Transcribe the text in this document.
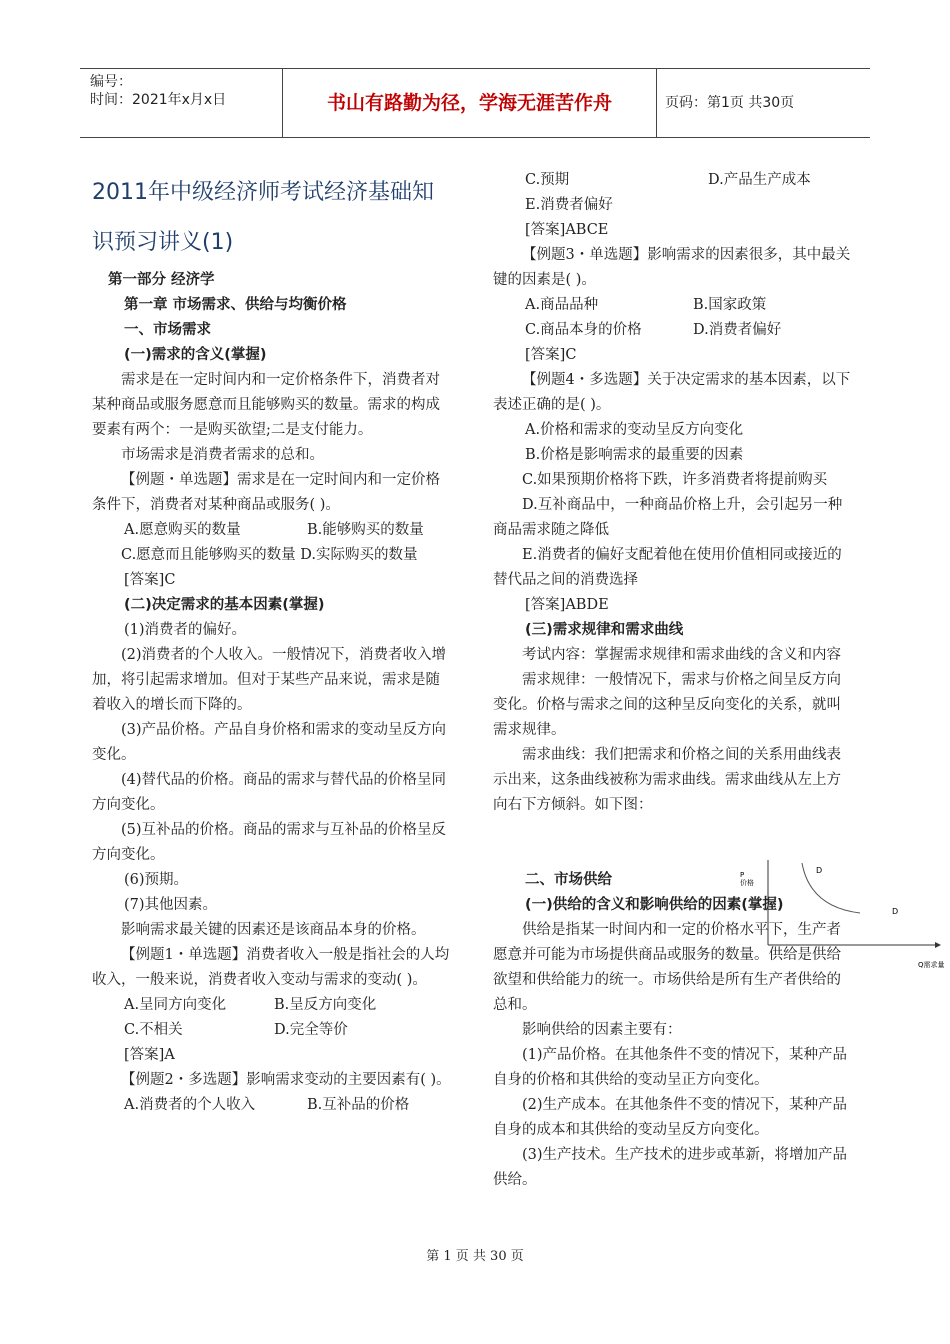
编号：
时间：2021年x月x日	书山有路勤为径，学海无涯苦作舟	页码：第1页 共30页

2011年中级经济师考试经济基础知识预习讲义(1)

第一部分 经济学

第一章 市场需求、供给与均衡价格

一、市场需求

(一)需求的含义(掌握)

需求是在一定时间内和一定价格条件下，消费者对某种商品或服务愿意而且能够购买的数量。需求的构成要素有两个：一是购买欲望;二是支付能力。

市场需求是消费者需求的总和。

【例题・单选题】需求是在一定时间内和一定价格条件下，消费者对某种商品或服务( )。

A.愿意购买的数量	B.能够购买的数量

C.愿意而且能够购买的数量 D.实际购买的数量

[答案]C

(二)决定需求的基本因素(掌握)

(1)消费者的偏好。

(2)消费者的个人收入。一般情况下，消费者收入增加，将引起需求增加。但对于某些产品来说，需求是随着收入的增长而下降的。

(3)产品价格。产品自身价格和需求的变动呈反方向变化。

(4)替代品的价格。商品的需求与替代品的价格呈同方向变化。

(5)互补品的价格。商品的需求与互补品的价格呈反方向变化。

(6)预期。

(7)其他因素。

影响需求最关键的因素还是该商品本身的价格。

【例题1・单选题】消费者收入一般是指社会的人均收入，一般来说，消费者收入变动与需求的变动( )。

A.呈同方向变化	B.呈反方向变化
C.不相关	D.完全等价

[答案]A

【例题2・多选题】影响需求变动的主要因素有( )。

A.消费者的个人收入	B.互补品的价格
C.预期	D.产品生产成本

E.消费者偏好

[答案]ABCE

【例题3・单选题】影响需求的因素很多，其中最关键的因素是( )。

A.商品品种	B.国家政策
C.商品本身的价格	D.消费者偏好

[答案]C

【例题4・多选题】关于决定需求的基本因素，以下表述正确的是( )。

A.价格和需求的变动呈反方向变化

B.价格是影响需求的最重要的因素

C.如果预期价格将下跌，许多消费者将提前购买

D.互补商品中，一种商品价格上升，会引起另一种商品需求随之降低

E.消费者的偏好支配着他在使用价值相同或接近的替代品之间的消费选择

[答案]ABDE

(三)需求规律和需求曲线

考试内容：掌握需求规律和需求曲线的含义和内容

需求规律：一般情况下，需求与价格之间呈反方向变化。价格与需求之间的这种呈反向变化的关系，就叫需求规律。

需求曲线：我们把需求和价格之间的关系用曲线表示出来，这条曲线被称为需求曲线。需求曲线从左上方向右下方倾斜。如下图：

二、市场供给

(一)供给的含义和影响供给的因素(掌握)

供给是指某一时间内和一定的价格水平下，生产者愿意并可能为市场提供商品或服务的数量。供给是供给欲望和供给能力的统一。市场供给是所有生产者供给的总和。

影响供给的因素主要有：

(1)产品价格。在其他条件不变的情况下，某种产品自身的价格和其供给的变动呈正方向变化。

(2)生产成本。在其他条件不变的情况下，某种产品自身的成本和其供给的变动呈反方向变化。

(3)生产技术。生产技术的进步或革新，将增加产品供给。

P
价格
D
D
Q需求量
第 1 页 共 30 页
